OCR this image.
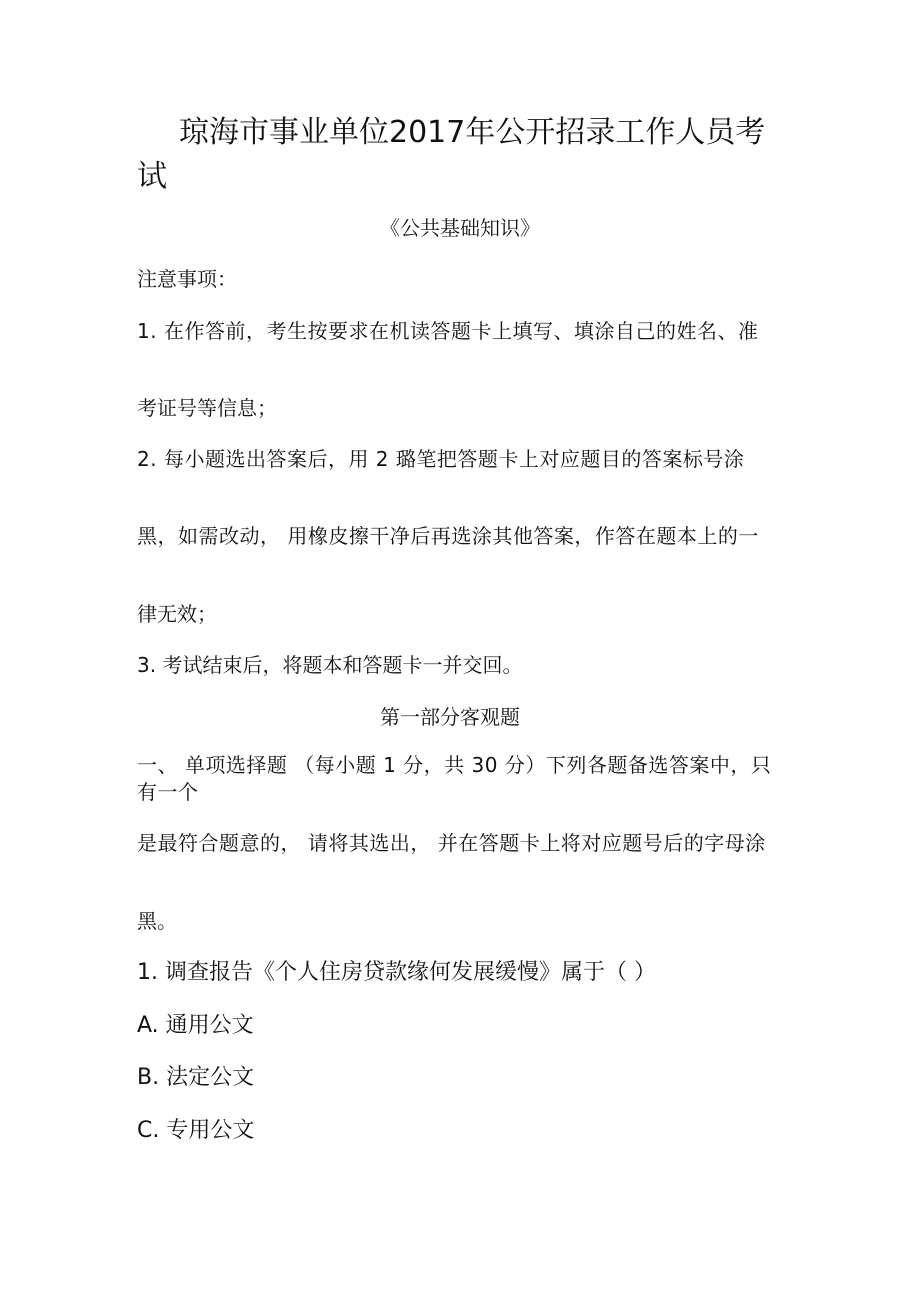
琼海市事业单位2017年公开招录工作人员考试
《公共基础知识》
注意事项：
1. 在作答前，考生按要求在机读答题卡上填写、填涂自己的姓名、准
考证号等信息；
2. 每小题选出答案后，用 2 璐笔把答题卡上对应题目的答案标号涂
黑，如需改动， 用橡皮擦干净后再选涂其他答案，作答在题本上的一
律无效；
3. 考试结束后，将题本和答题卡一并交回。
第一部分客观题
一、 单项选择题 （每小题 1 分，共 30 分）下列各题备选答案中，只有一个
是最符合题意的， 请将其选出， 并在答题卡上将对应题号后的字母涂
黑。
1. 调查报告《个人住房贷款缘何发展缓慢》属于（ ）
A. 通用公文
B. 法定公文
C. 专用公文
